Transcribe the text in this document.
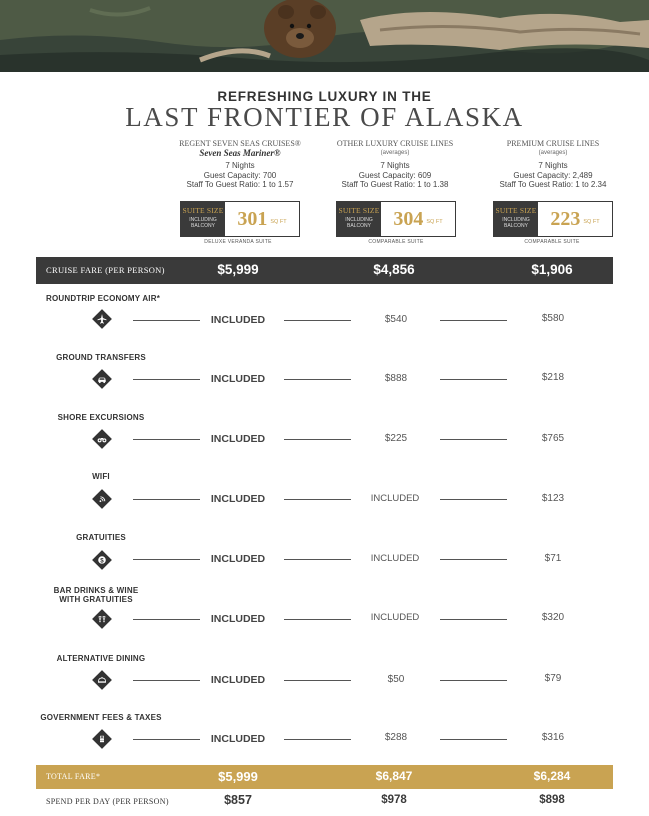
REFRESHING LUXURY IN THE
LAST FRONTIER OF ALASKA
REGENT SEVEN SEAS CRUISES®
Seven Seas Mariner®
7 Nights
Guest Capacity: 700
Staff To Guest Ratio: 1 to 1.57
OTHER LUXURY CRUISE LINES
(averages)
7 Nights
Guest Capacity: 609
Staff To Guest Ratio: 1 to 1.38
PREMIUM CRUISE LINES
(averages)
7 Nights
Guest Capacity: 2,489
Staff To Guest Ratio: 1 to 2.34
SUITE SIZE
INCLUDING
BALCONY	301 SQ FT
SUITE SIZE
INCLUDING
BALCONY	304 SQ FT
SUITE SIZE
INCLUDING
BALCONY	223 SQ FT
DELUXE VERANDA SUITE	COMPARABLE SUITE	COMPARABLE SUITE
CRUISE FARE (PER PERSON)	$5,999	$4,856	$1,906
ROUNDTRIP ECONOMY AIR*
INCLUDED	$540	$580
GROUND TRANSFERS
INCLUDED	$888	$218
SHORE EXCURSIONS
INCLUDED	$225	$765
WIFI
INCLUDED	INCLUDED	$123
GRATUITIES
$	INCLUDED	INCLUDED	$71
BAR DRINKS & WINE WITH GRATUITIES
INCLUDED	INCLUDED	$320
ALTERNATIVE DINING
INCLUDED	$50	$79
GOVERNMENT FEES & TAXES
INCLUDED	$288	$316
TOTAL FARE*	$5,999	$6,847	$6,284
SPEND PER DAY (PER PERSON)	$857	$978	$898
